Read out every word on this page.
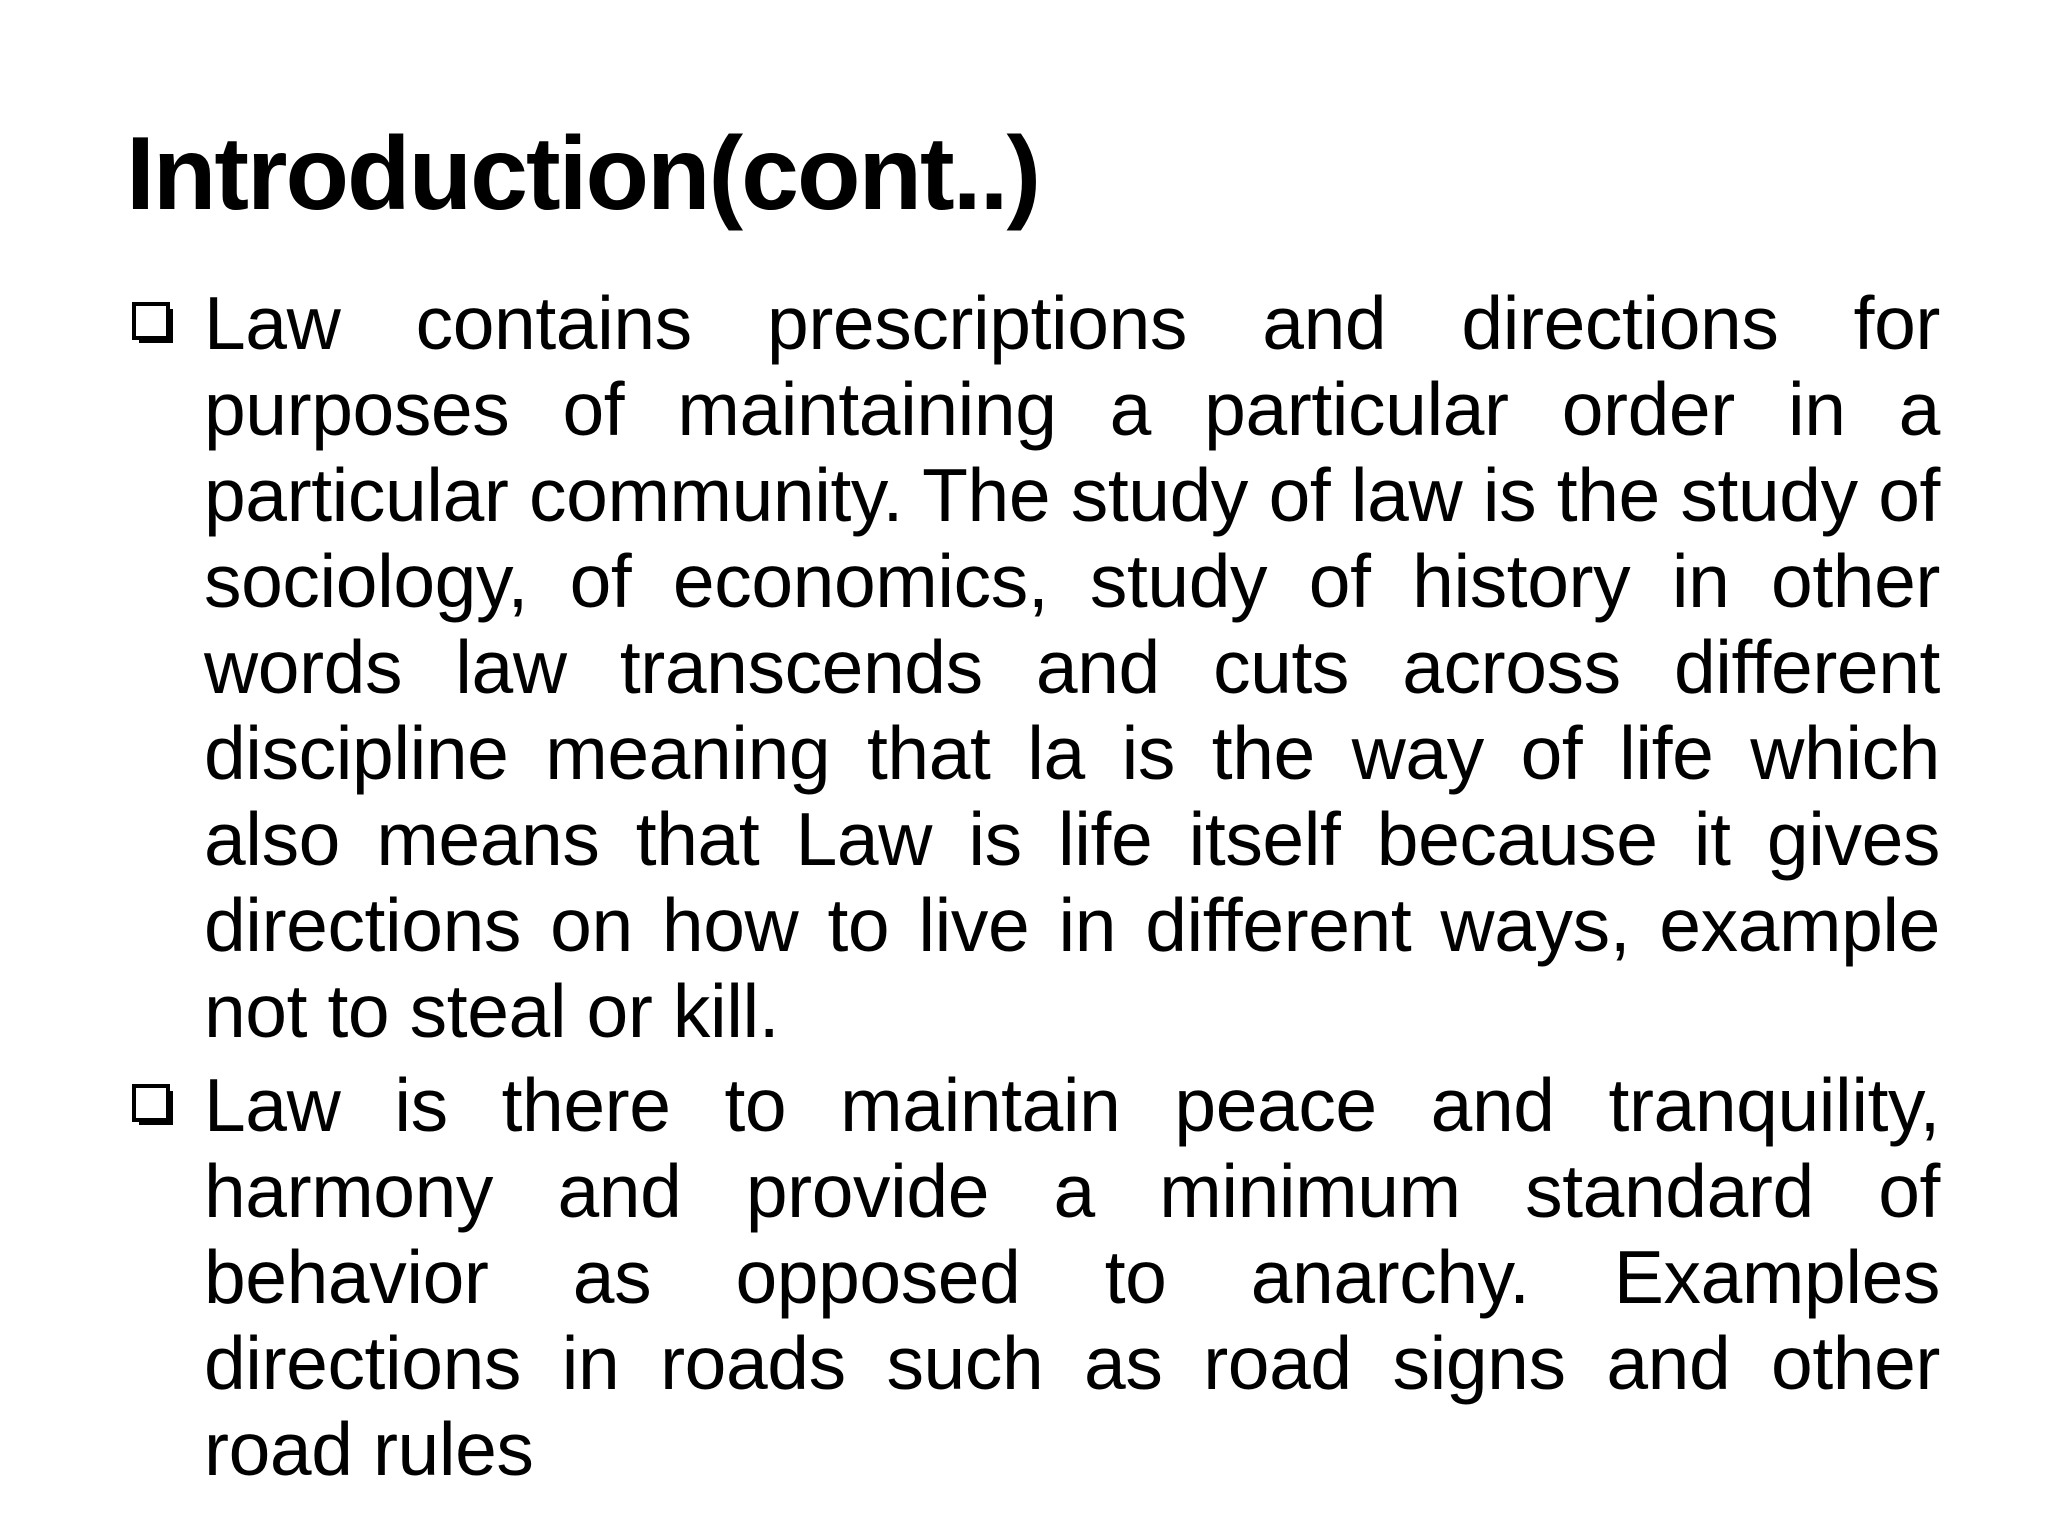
Introduction(cont..)
Law contains prescriptions and directions for purposes of maintaining a particular order in a particular community. The study of law is the study of sociology, of economics, study of history in other words law transcends and cuts across different discipline meaning that la is the way of life which also means that Law is life itself because it gives directions on how to live in different ways, example not to steal or kill.
Law is there to maintain peace and tranquility, harmony and provide a minimum standard of behavior as opposed to anarchy. Examples directions in roads such as road signs and other road rules
